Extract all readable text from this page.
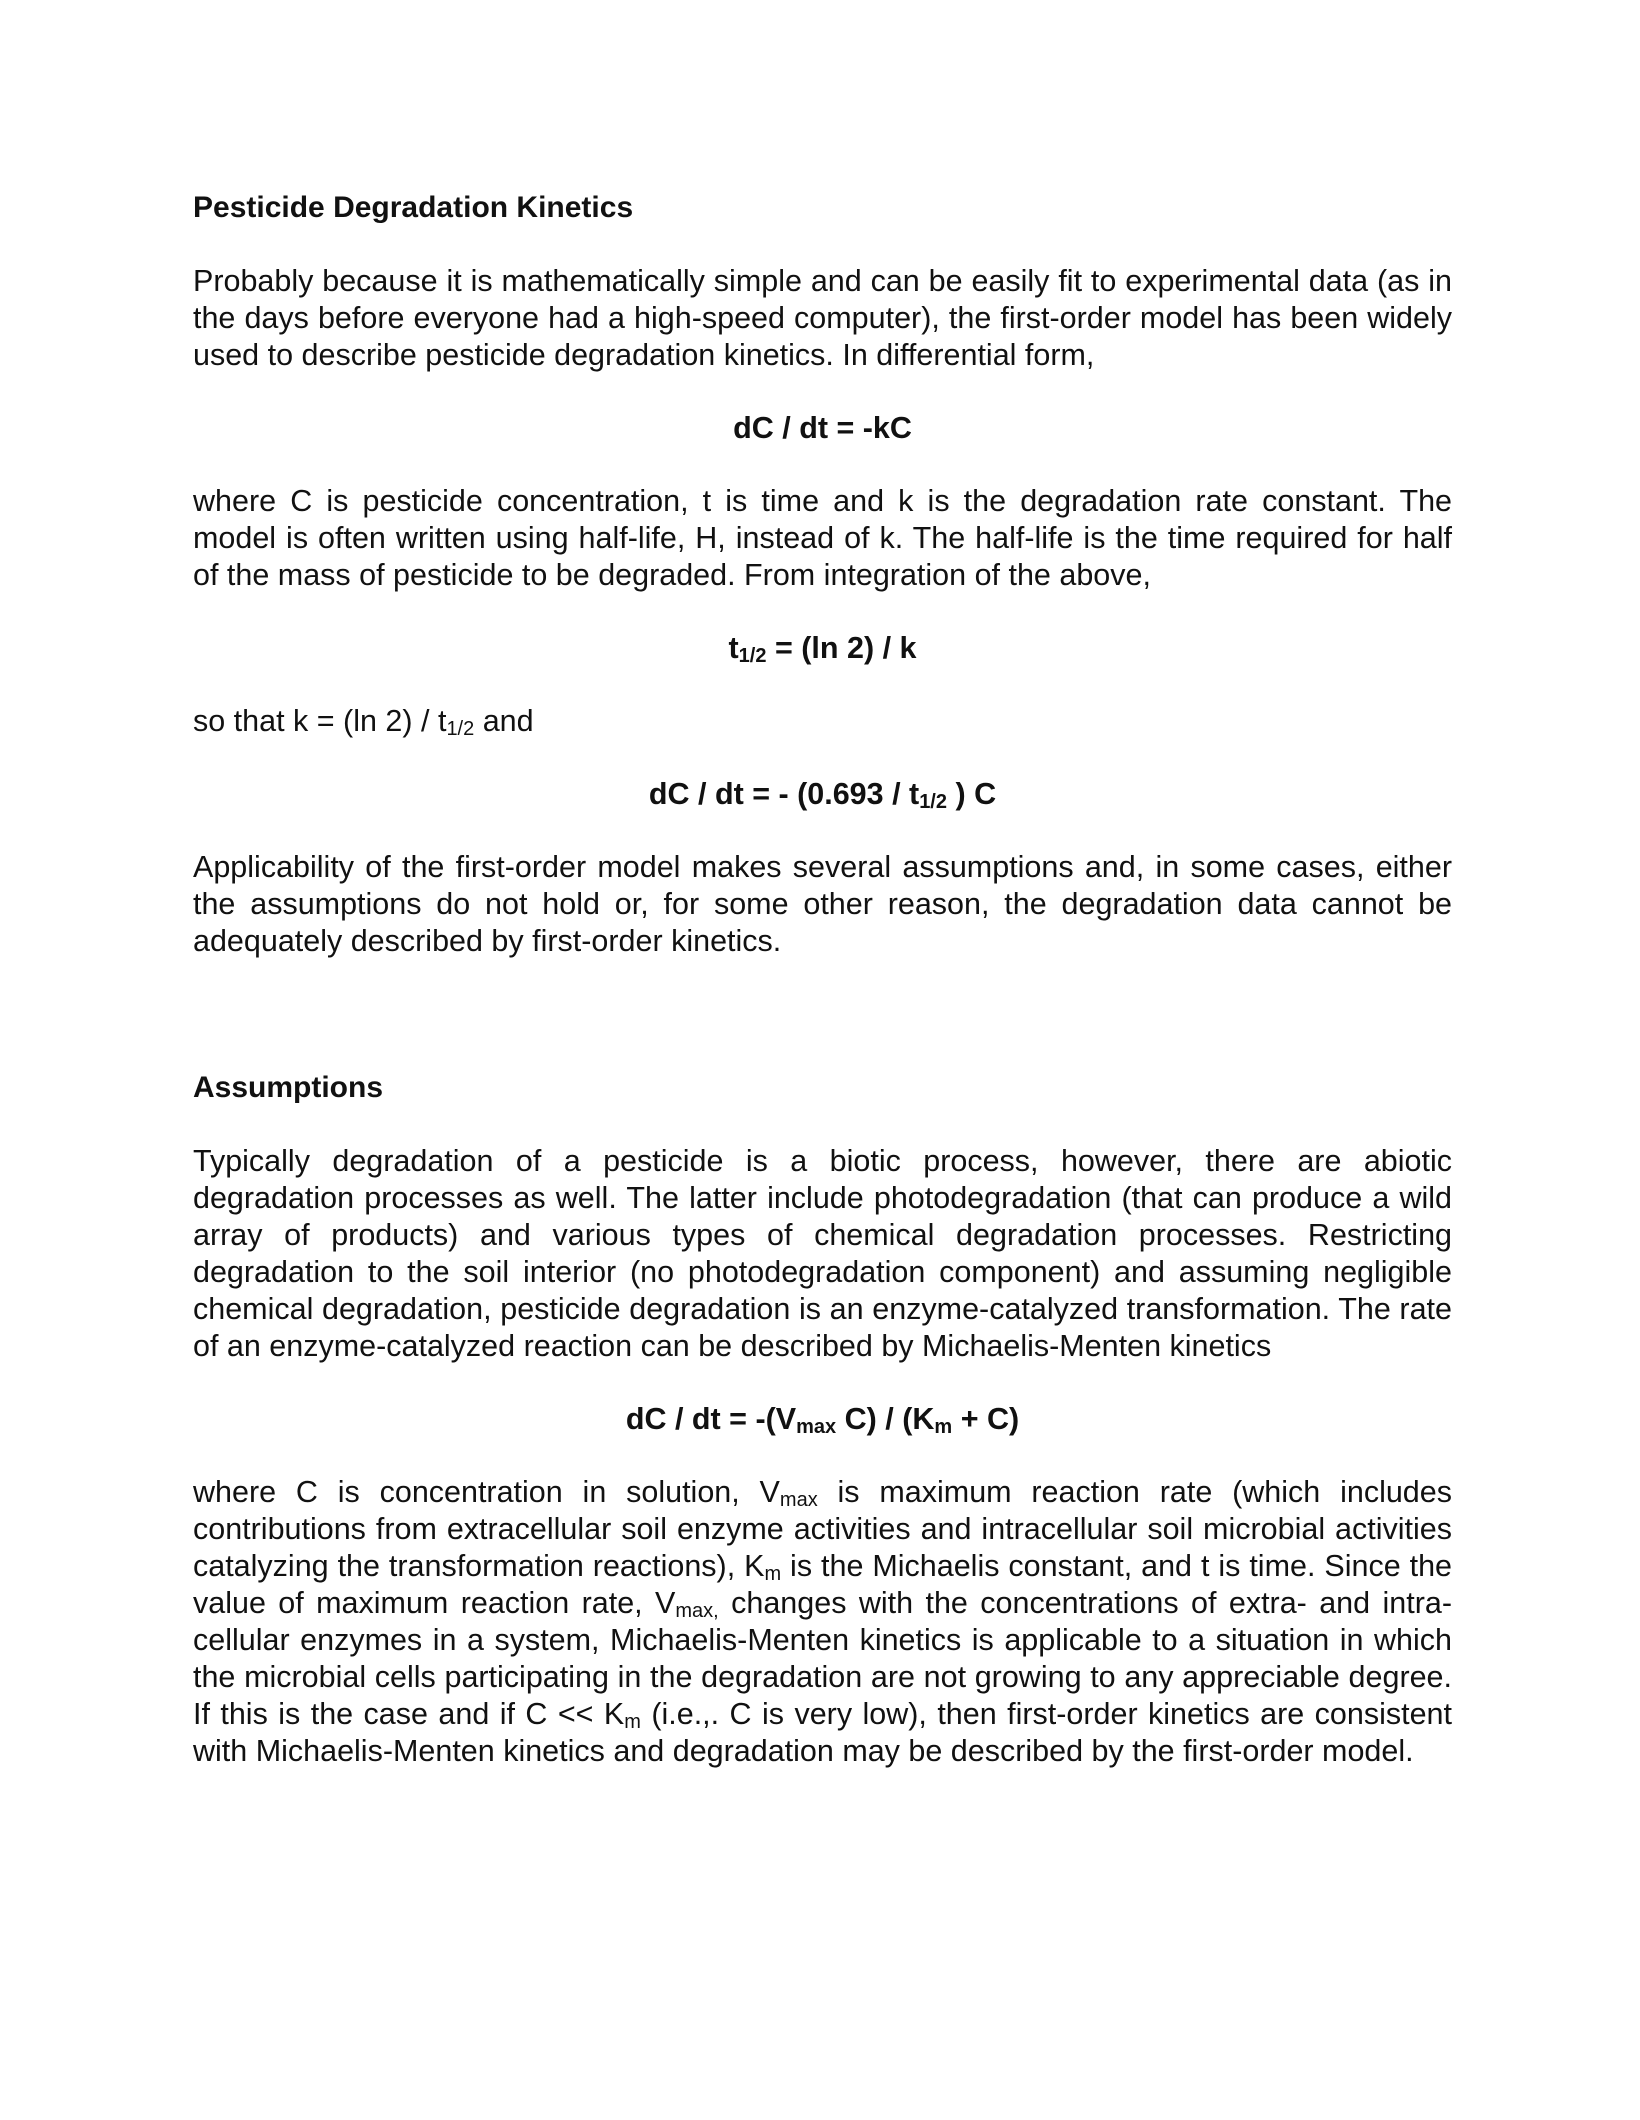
Pesticide Degradation Kinetics

Probably because it is mathematically simple and can be easily fit to experimental data (as in the days before everyone had a high-speed computer), the first-order model has been widely used to describe pesticide degradation kinetics. In differential form,

dC / dt = -kC

where C is pesticide concentration, t is time and k is the degradation rate constant. The model is often written using half-life, H, instead of k. The half-life is the time required for half of the mass of pesticide to be degraded. From integration of the above,

$t_{1/2} = (\ln$ 2) / k

so that k = (ln $2) / t_{1/2}$ and

dC / dt = - ($0.693 / t_{1/2}$ ) C

Applicability of the first-order model makes several assumptions and, in some cases, either the assumptions do not hold or, for some other reason, the degradation data cannot be adequately described by first-order kinetics.

Assumptions

Typically degradation of a pesticide is a biotic process, however, there are abiotic degradation processes as well. The latter include photodegradation (that can produce a wild array of products) and various types of chemical degradation processes. Restricting degradation to the soil interior (no photodegradation component) and assuming negligible chemical degradation, pesticide degradation is an enzyme-catalyzed transformation. The rate of an enzyme-catalyzed reaction can be described by Michaelis-Menten kinetics

dC / dt = $-(V_{max}$ $C) / (K_m + C)$

where C is concentration in solution, $V_{max}$ is maximum reaction rate (which includes contributions from extracellular soil enzyme activities and intracellular soil microbial activities catalyzing the transformation reactions), $K_m$ is the Michaelis constant, and t is time. Since the value of maximum reaction rate, $V_{max,}$ changes with the concentrations of extra- and intra-cellular enzymes in a system, Michaelis-Menten kinetics is applicable to a situation in which the microbial cells participating in the degradation are not growing to any appreciable degree. If this is the case and if $C << K_m$ (i.e.,. C is very low), then first-order kinetics are consistent with Michaelis-Menten kinetics and degradation may be described by the first-order model.
